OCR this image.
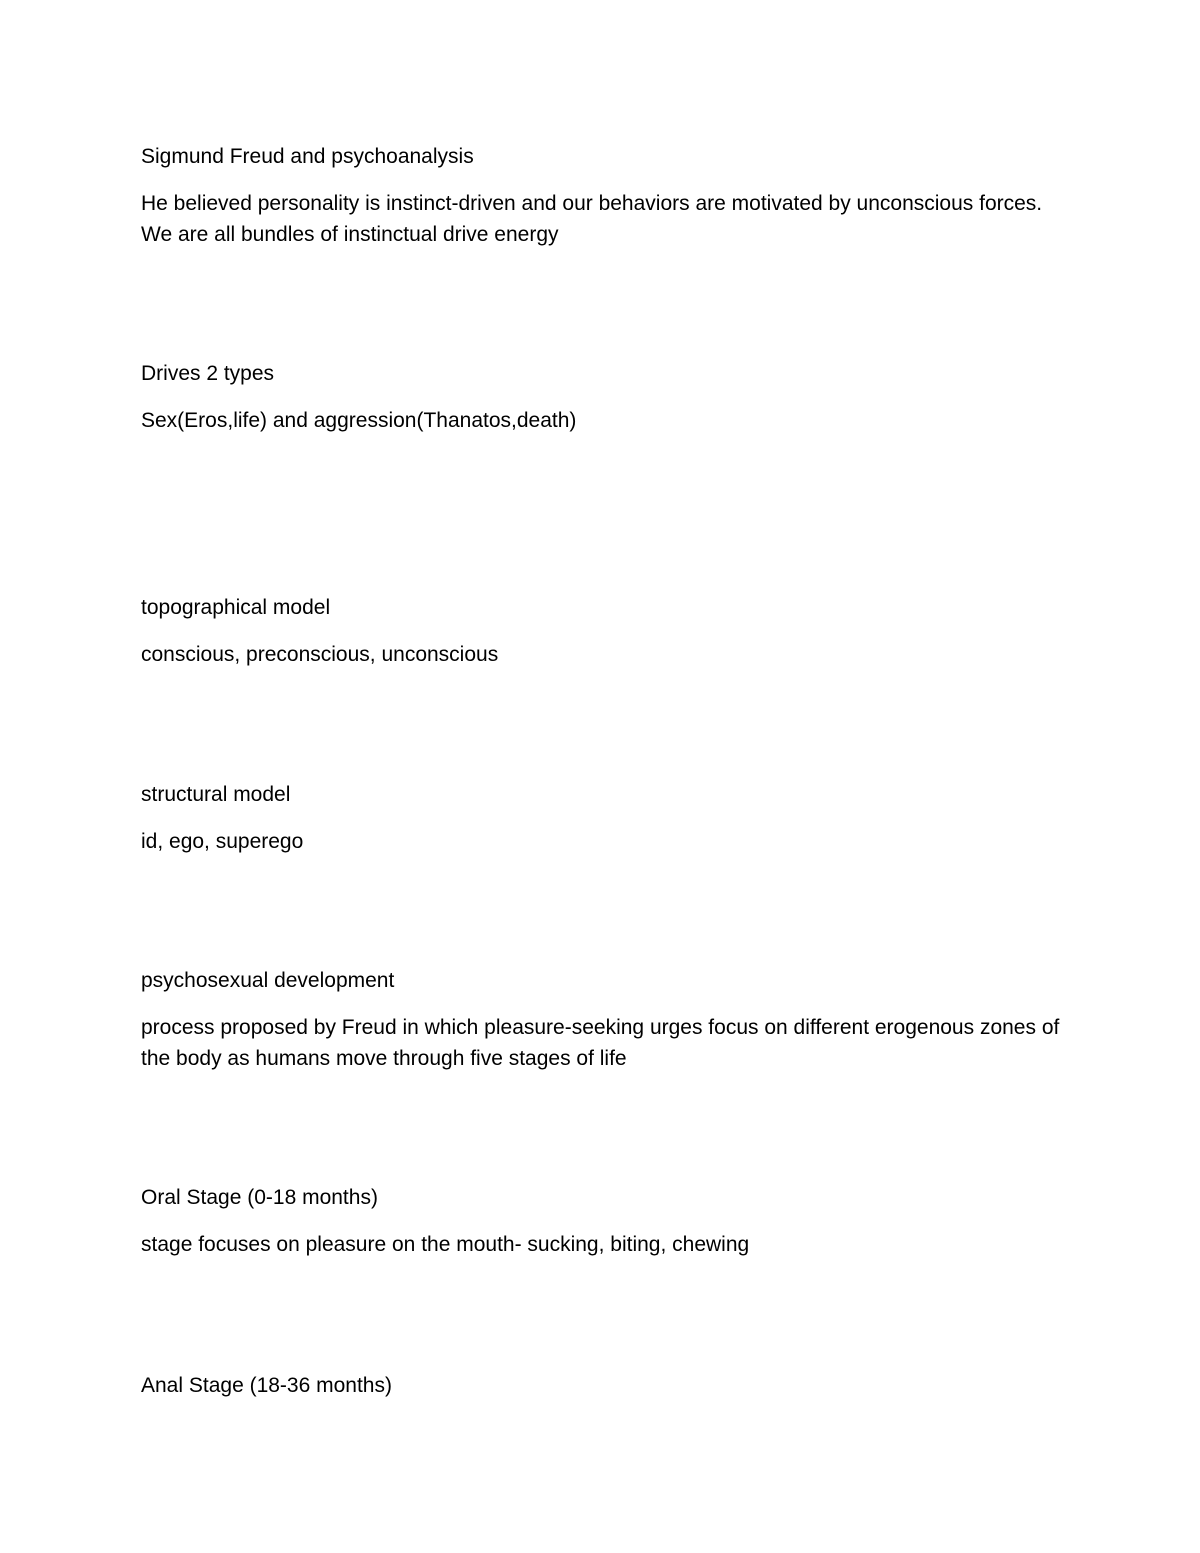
Sigmund Freud and psychoanalysis
He believed personality is instinct-driven and our behaviors are motivated by unconscious forces. We are all bundles of instinctual drive energy
Drives 2 types
Sex(Eros,life) and aggression(Thanatos,death)
topographical model
conscious, preconscious, unconscious
structural model
id, ego, superego
psychosexual development
process proposed by Freud in which pleasure-seeking urges focus on different erogenous zones of the body as humans move through five stages of life
Oral Stage (0-18 months)
stage focuses on pleasure on the mouth- sucking, biting, chewing
Anal Stage (18-36 months)
